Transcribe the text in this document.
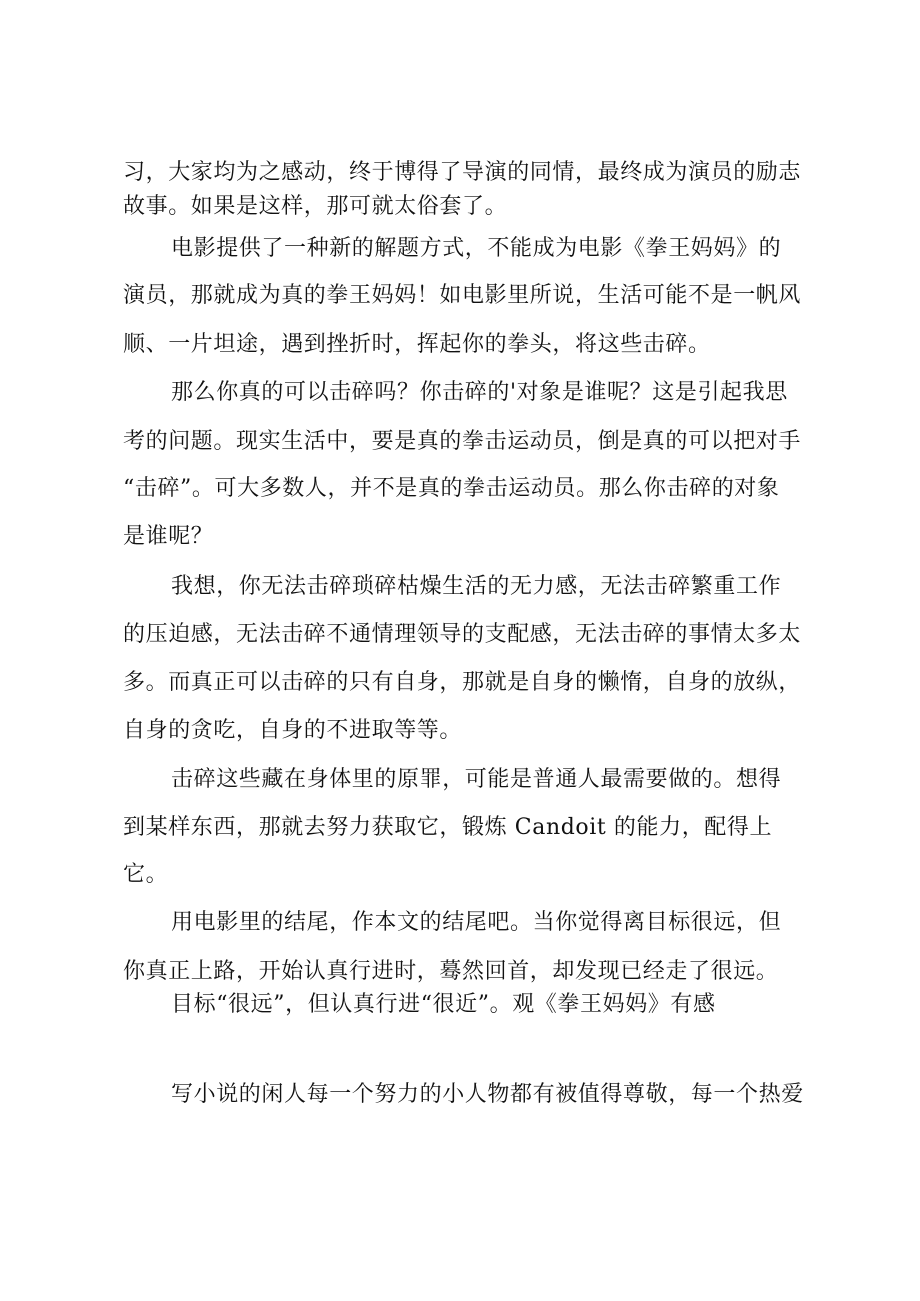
习，大家均为之感动，终于博得了导演的同情，最终成为演员的励志
故事。如果是这样，那可就太俗套了。
电影提供了一种新的解题方式，不能成为电影《拳王妈妈》的
演员，那就成为真的拳王妈妈！如电影里所说，生活可能不是一帆风
顺、一片坦途，遇到挫折时，挥起你的拳头，将这些击碎。
那么你真的可以击碎吗？你击碎的'对象是谁呢？这是引起我思
考的问题。现实生活中，要是真的拳击运动员，倒是真的可以把对手
“击碎”。可大多数人，并不是真的拳击运动员。那么你击碎的对象
是谁呢？
我想，你无法击碎琐碎枯燥生活的无力感，无法击碎繁重工作
的压迫感，无法击碎不通情理领导的支配感，无法击碎的事情太多太
多。而真正可以击碎的只有自身，那就是自身的懒惰，自身的放纵，
自身的贪吃，自身的不进取等等。
击碎这些藏在身体里的原罪，可能是普通人最需要做的。想得
到某样东西，那就去努力获取它，锻炼 Candoit 的能力，配得上
它。
用电影里的结尾，作本文的结尾吧。当你觉得离目标很远，但
你真正上路，开始认真行进时，蓦然回首，却发现已经走了很远。
目标“很远”，但认真行进“很近”。观《拳王妈妈》有感
写小说的闲人每一个努力的小人物都有被值得尊敬，每一个热爱
